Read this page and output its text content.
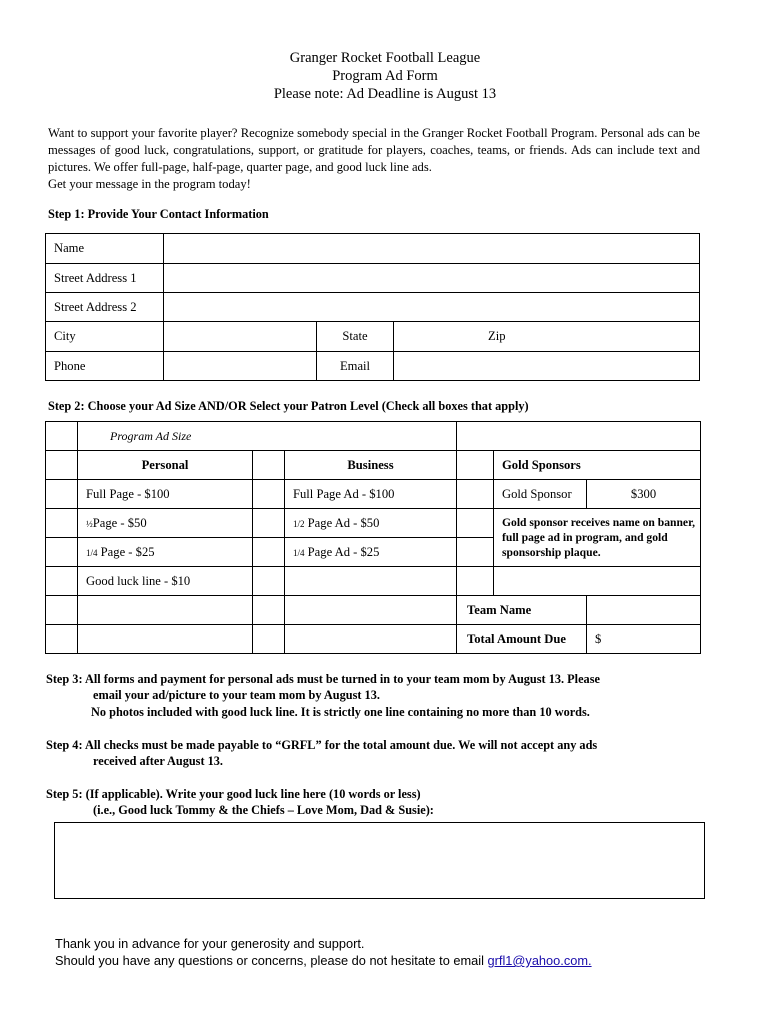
Granger Rocket Football League
Program Ad Form
Please note: Ad Deadline is August 13

Want to support your favorite player? Recognize somebody special in the Granger Rocket Football Program. Personal ads can be messages of good luck, congratulations, support, or gratitude for players, coaches, teams, or friends. Ads can include text and pictures. We offer full-page, half-page, quarter page, and good luck line ads.

Get your message in the program today!

Step 1: Provide Your Contact Information
Name			
Street Address 1			
Street Address 2			
City		State	Zip
Phone		Email	
Step 2: Choose your Ad Size AND/OR Select your Patron Level (Check all boxes that apply)
	Program Ad Size					
	Personal		Business		Gold Sponsors	
	Full Page - $100		Full Page Ad - $100		Gold Sponsor	$300
	½Page - $50		1/2 Page Ad - $50		Gold sponsor receives name on banner, full page ad in program, and gold sponsorship plaque.	
	1/4 Page - $25		1/4 Page Ad - $25			
	Good luck line - $10					
				Team Name		
				Total Amount Due		$
Step 3: All forms and payment for personal ads must be turned in to your team mom by August 13. Please
email your ad/picture to your team mom by August 13.
No photos included with good luck line. It is strictly one line containing no more than 10 words.
Step 4: All checks must be made payable to “GRFL” for the total amount due. We will not accept any ads
received after August 13.
Step 5: (If applicable). Write your good luck line here (10 words or less)
(i.e., Good luck Tommy & the Chiefs – Love Mom, Dad & Susie):
Thank you in advance for your generosity and support.
Should you have any questions or concerns, please do not hesitate to email grfl1@yahoo.com.
